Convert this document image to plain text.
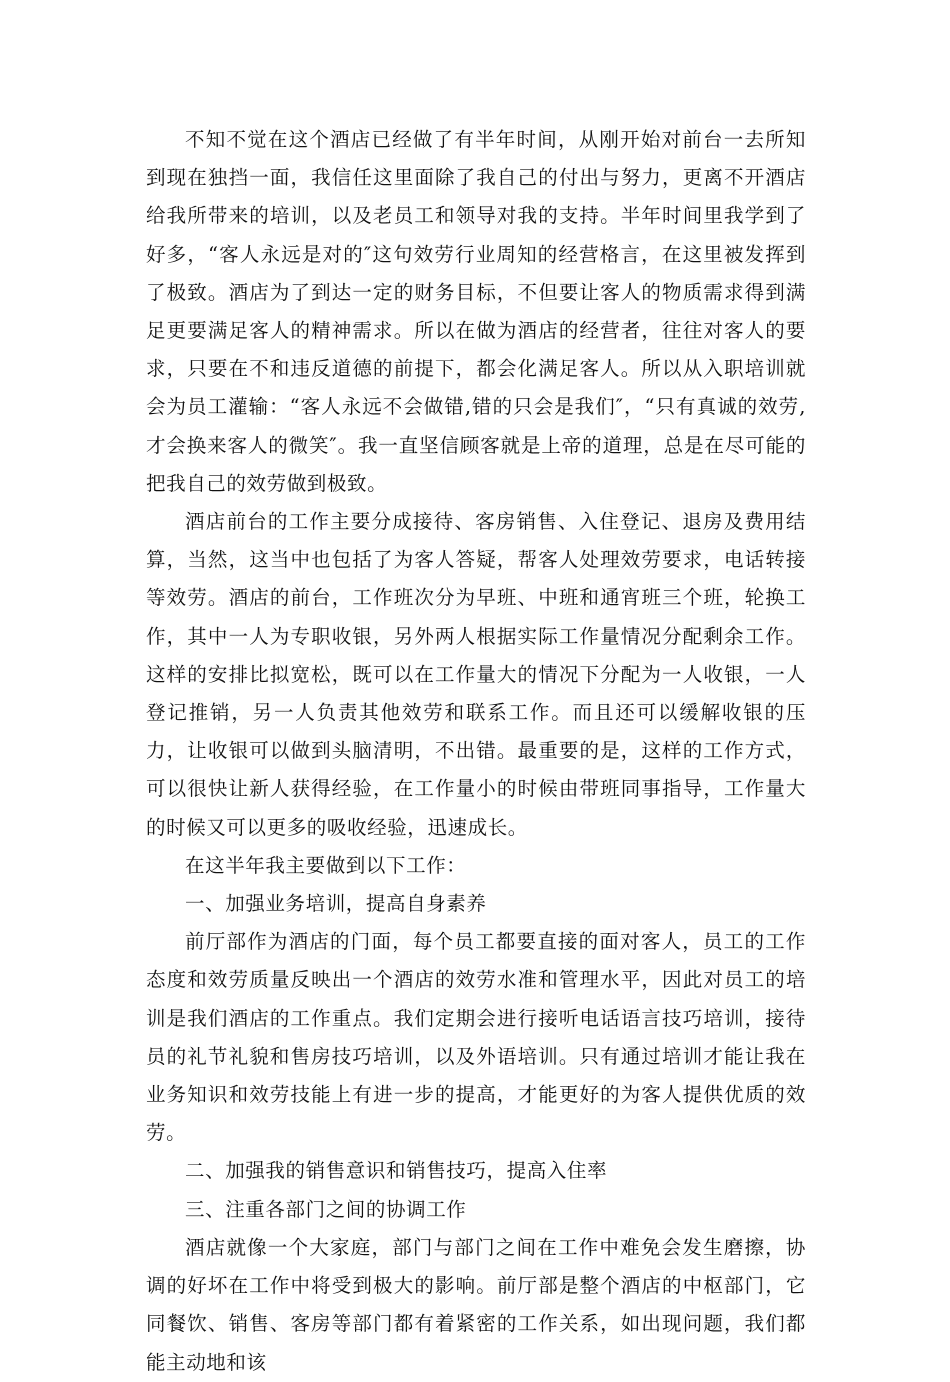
不知不觉在这个酒店已经做了有半年时间，从刚开始对前台一去所知到现在独挡一面，我信任这里面除了我自己的付出与努力，更离不开酒店给我所带来的培训，以及老员工和领导对我的支持。半年时间里我学到了好多，“客人永远是对的″这句效劳行业周知的经营格言，在这里被发挥到了极致。酒店为了到达一定的财务目标，不但要让客人的物质需求得到满足更要满足客人的精神需求。所以在做为酒店的经营者，往往对客人的要求，只要在不和违反道德的前提下，都会化满足客人。所以从入职培训就会为员工灌输：“客人永远不会做错,错的只会是我们″，“只有真诚的效劳,才会换来客人的微笑″。我一直坚信顾客就是上帝的道理，总是在尽可能的把我自己的效劳做到极致。

酒店前台的工作主要分成接待、客房销售、入住登记、退房及费用结算，当然，这当中也包括了为客人答疑，帮客人处理效劳要求，电话转接等效劳。酒店的前台，工作班次分为早班、中班和通宵班三个班，轮换工作，其中一人为专职收银，另外两人根据实际工作量情况分配剩余工作。这样的安排比拟宽松，既可以在工作量大的情况下分配为一人收银，一人登记推销，另一人负责其他效劳和联系工作。而且还可以缓解收银的压力，让收银可以做到头脑清明，不出错。最重要的是，这样的工作方式，可以很快让新人获得经验，在工作量小的时候由带班同事指导，工作量大的时候又可以更多的吸收经验，迅速成长。

在这半年我主要做到以下工作：

一、加强业务培训，提高自身素养

前厅部作为酒店的门面，每个员工都要直接的面对客人，员工的工作态度和效劳质量反映出一个酒店的效劳水准和管理水平，因此对员工的培训是我们酒店的工作重点。我们定期会进行接听电话语言技巧培训，接待员的礼节礼貌和售房技巧培训，以及外语培训。只有通过培训才能让我在业务知识和效劳技能上有进一步的提高，才能更好的为客人提供优质的效劳。

二、加强我的销售意识和销售技巧，提高入住率

三、注重各部门之间的协调工作

酒店就像一个大家庭，部门与部门之间在工作中难免会发生磨擦，协调的好坏在工作中将受到极大的影响。前厅部是整个酒店的中枢部门，它同餐饮、销售、客房等部门都有着紧密的工作关系，如出现问题，我们都能主动地和该
